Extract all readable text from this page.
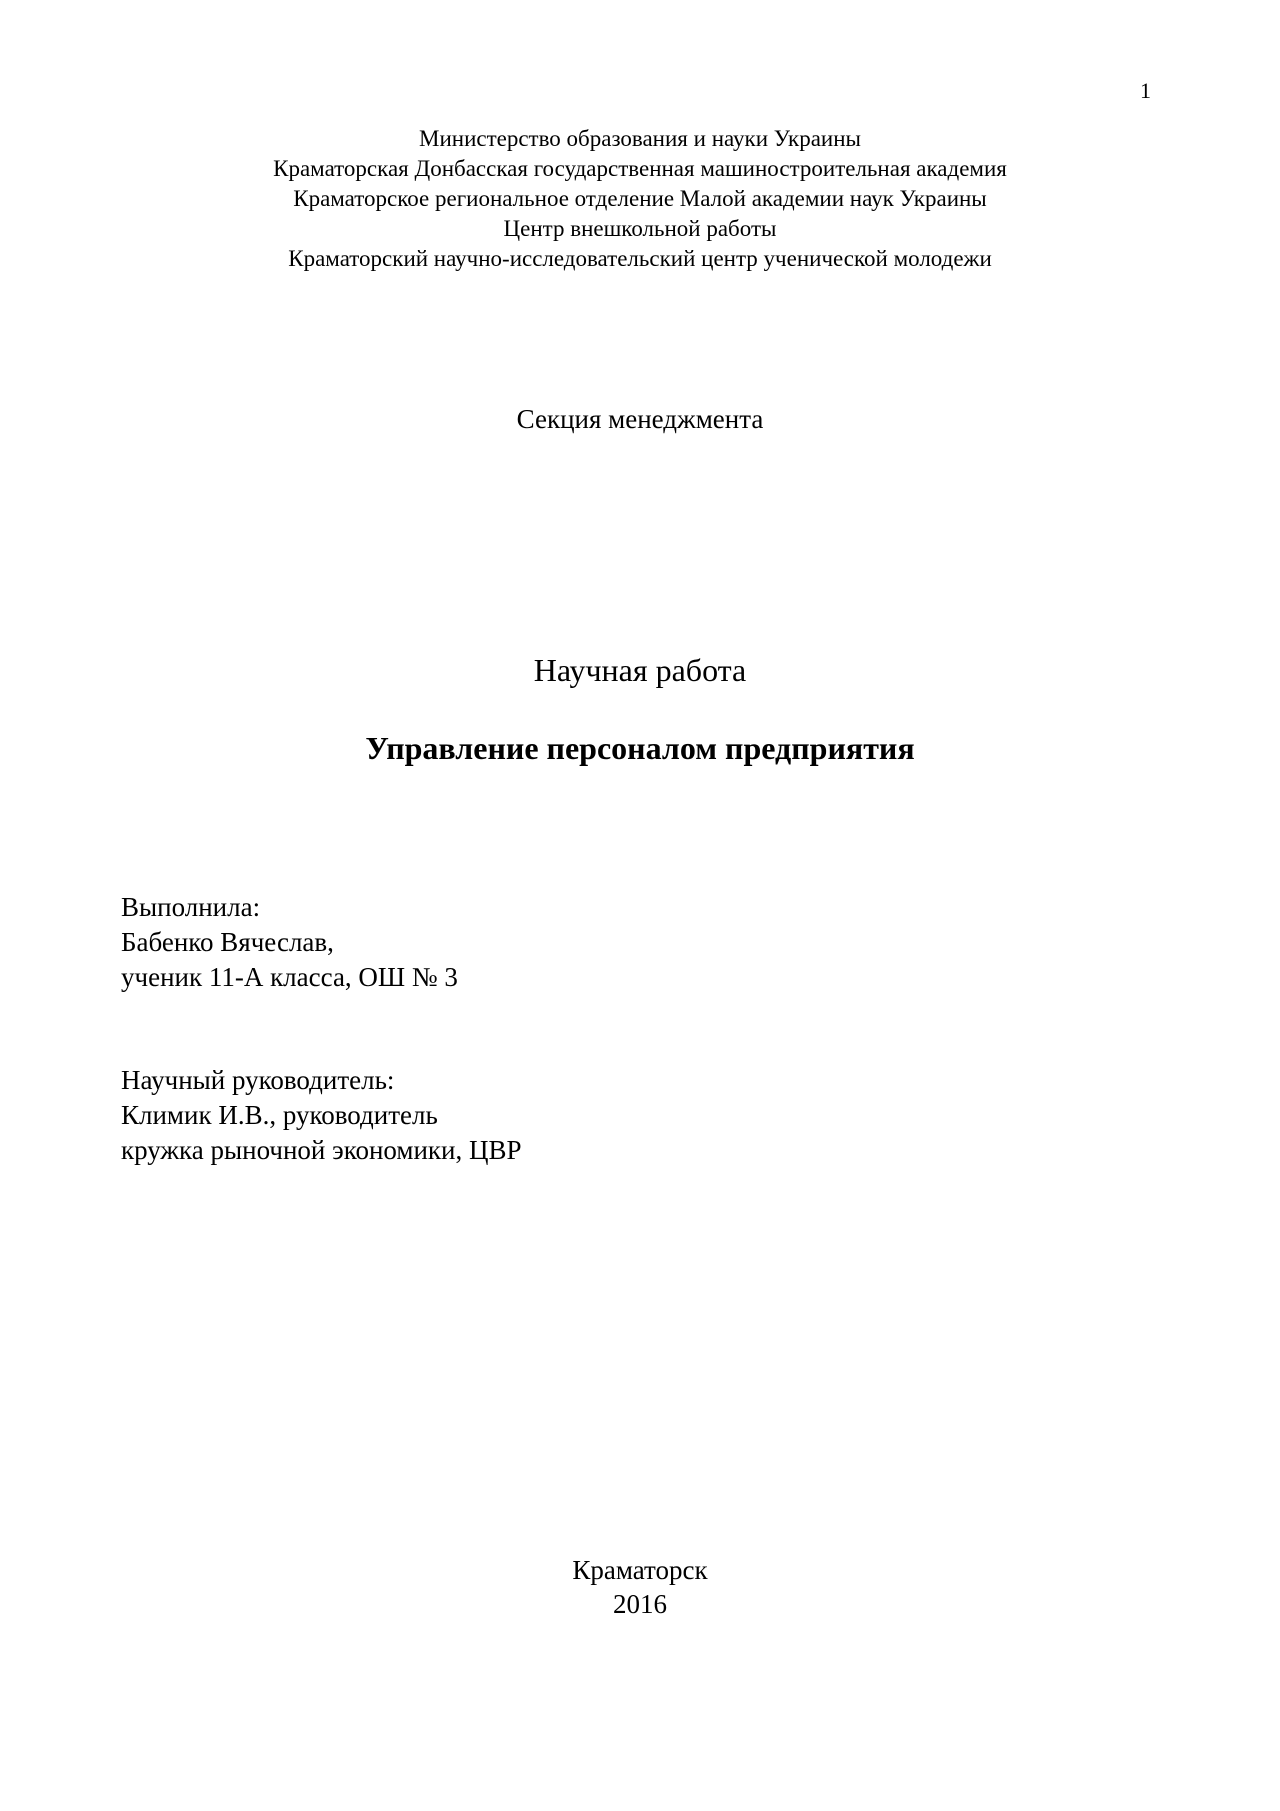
1
Министерство образования и науки Украины
Краматорская Донбасская государственная машиностроительная академия
Краматорское региональное отделение Малой академии наук Украины
Центр внешкольной работы
Краматорский научно-исследовательский центр ученической молодежи
Секция менеджмента
Научная работа
Управление персоналом предприятия
Выполнила:
Бабенко Вячеслав,
ученик 11-А класса, ОШ № 3
Научный руководитель:
Климик И.В., руководитель
кружка рыночной экономики, ЦВР
Краматорск
2016
